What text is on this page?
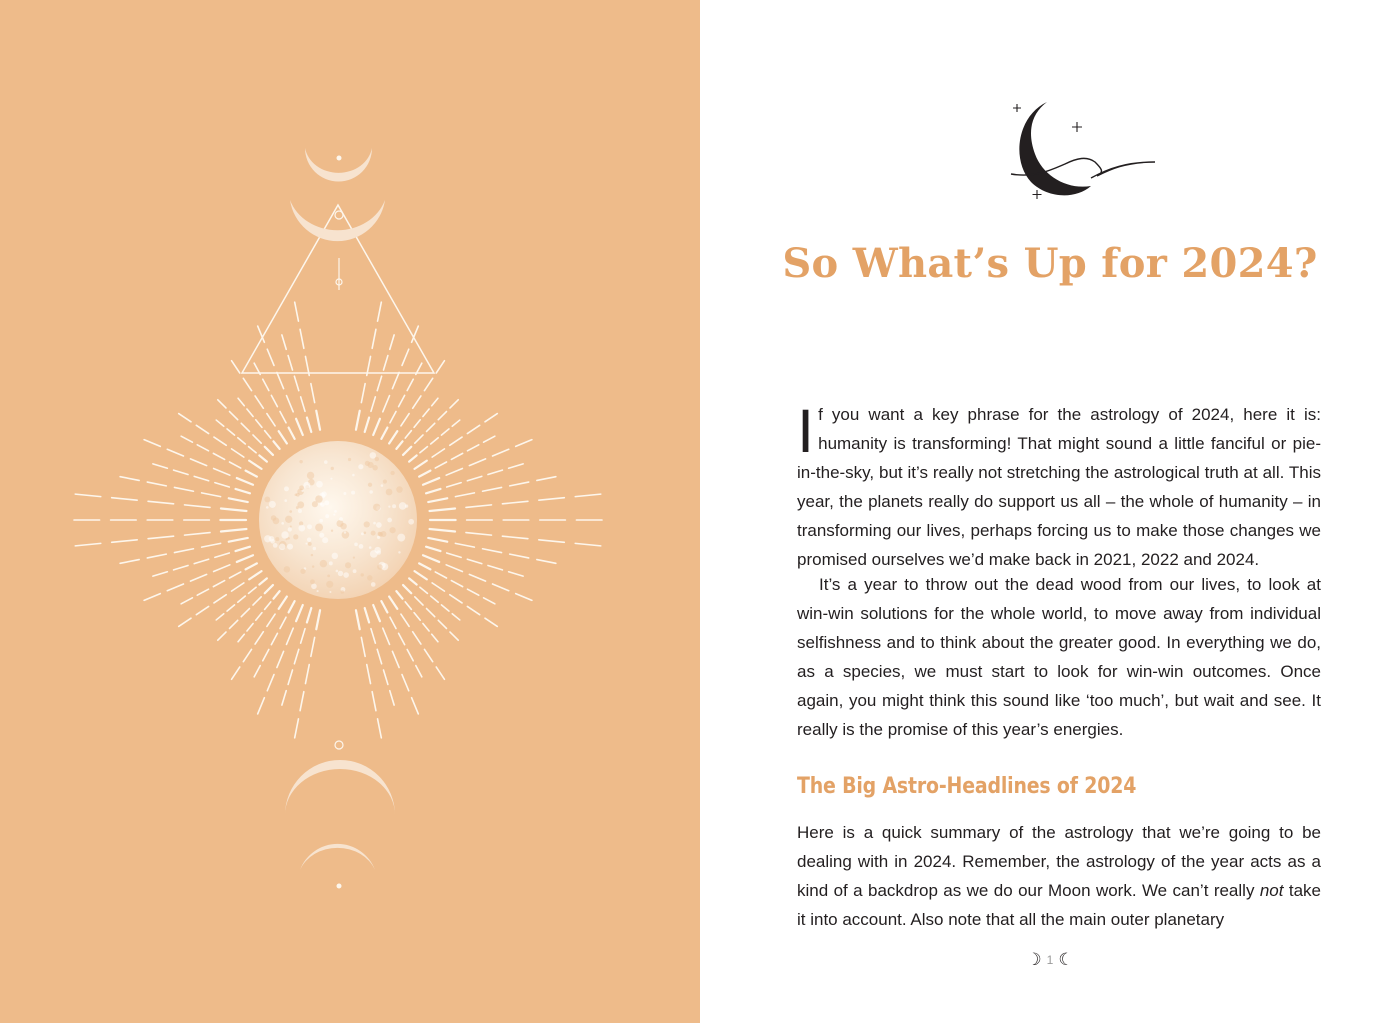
So What’s Up for 2024?

If you want a key phrase for the astrology of 2024, here it is: humanity is transforming! That might sound a little fanciful or pie-in-the-sky, but it’s really not stretching the astrological truth at all. This year, the planets really do support us all – the whole of humanity – in transforming our lives, perhaps forcing us to make those changes we promised ourselves we’d make back in 2021, 2022 and 2024.

It’s a year to throw out the dead wood from our lives, to look at win-win solutions for the whole world, to move away from individual selfishness and to think about the greater good. In everything we do, as a species, we must start to look for win-win outcomes. Once again, you might think this sound like ‘too much’, but wait and see. It really is the promise of this year’s energies.

The Big Astro-Headlines of 2024

Here is a quick summary of the astrology that we’re going to be dealing with in 2024. Remember, the astrology of the year acts as a kind of a backdrop as we do our Moon work. We can’t really not take it into account. Also note that all the main outer planetary

☽ 1 ☾
